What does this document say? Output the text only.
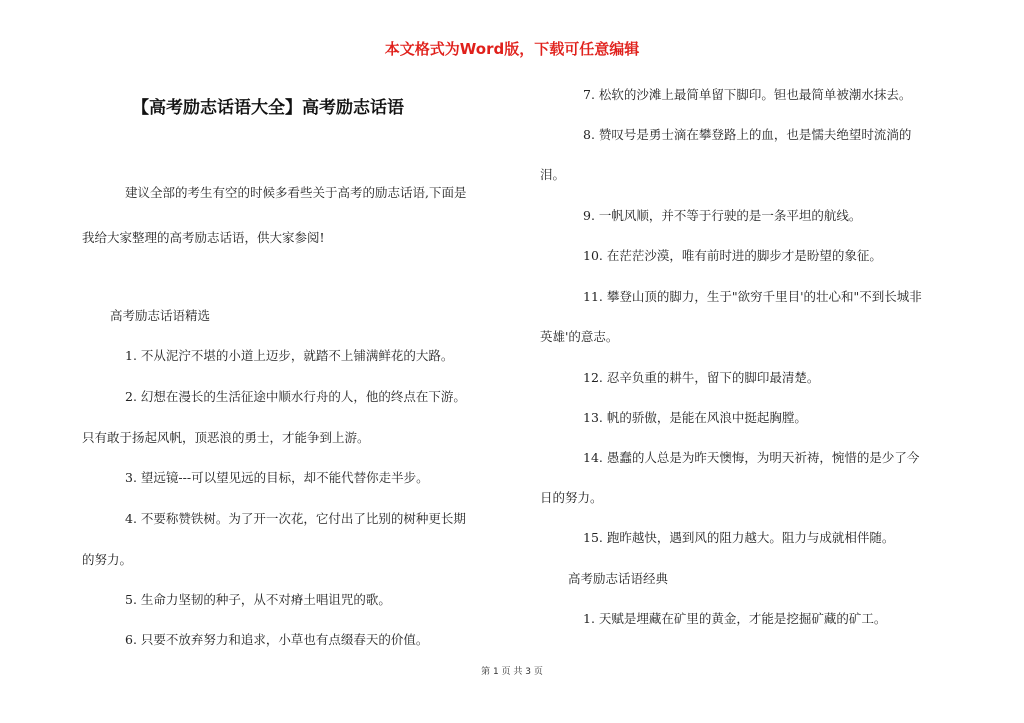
本文格式为Word版，下载可任意编辑
【高考励志话语大全】高考励志话语
建议全部的考生有空的时候多看些关于高考的励志话语,下面是
我给大家整理的高考励志话语，供大家参阅!
高考励志话语精选
1. 不从泥泞不堪的小道上迈步，就踏不上铺满鲜花的大路。
2. 幻想在漫长的生活征途中顺水行舟的人，他的终点在下游。
只有敢于扬起风帆，顶恶浪的勇士，才能争到上游。
3. 望远镜---可以望见远的目标，却不能代替你走半步。
4. 不要称赞铁树。为了开一次花，它付出了比别的树种更长期
的努力。
5. 生命力坚韧的种子，从不对瘠土唱诅咒的歌。
6. 只要不放弃努力和追求，小草也有点缀春天的价值。
7. 松软的沙滩上最简单留下脚印。钽也最简单被潮水抹去。
8. 赞叹号是勇士滴在攀登路上的血，也是懦夫绝望时流淌的
泪。
9. 一帆风顺，并不等于行驶的是一条平坦的航线。
10. 在茫茫沙漠，唯有前时进的脚步才是盼望的象征。
11. 攀登山顶的脚力，生于"欲穷千里目'的壮心和"不到长城非
英雄'的意志。
12. 忍辛负重的耕牛，留下的脚印最清楚。
13. 帆的骄傲，是能在风浪中挺起胸膛。
14. 愚蠢的人总是为昨天懊悔，为明天祈祷，惋惜的是少了今
日的努力。
15. 跑昨越快，遇到风的阻力越大。阻力与成就相伴随。
高考励志话语经典
1. 天赋是埋藏在矿里的黄金，才能是挖掘矿藏的矿工。
第 1 页 共 3 页
